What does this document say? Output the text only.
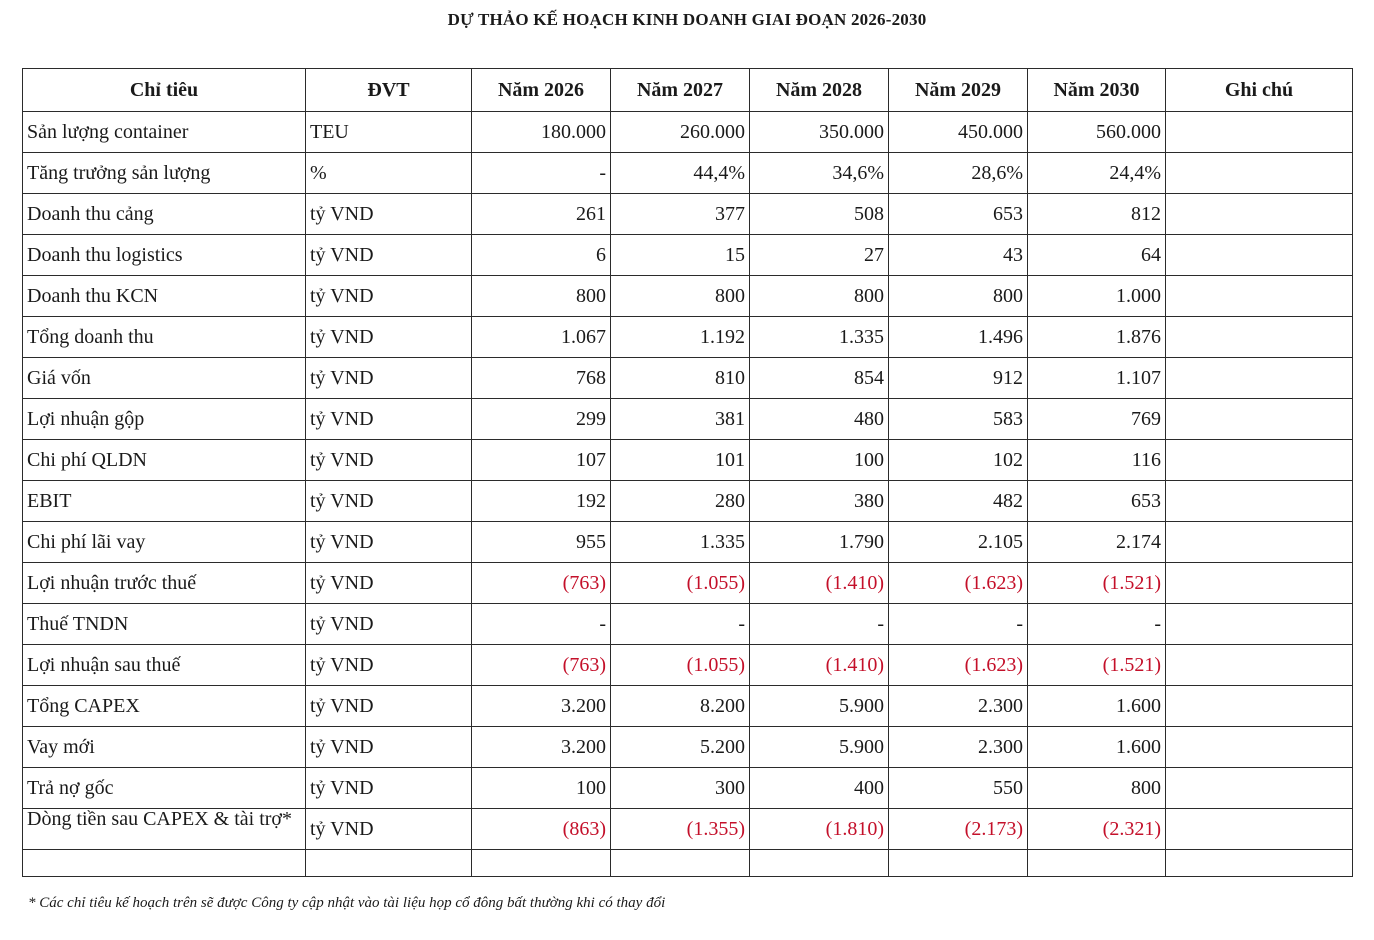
DỰ THẢO KẾ HOẠCH KINH DOANH GIAI ĐOẠN 2026-2030
Chỉ tiêu	ĐVT	Năm 2026	Năm 2027	Năm 2028	Năm 2029	Năm 2030	Ghi chú
Sản lượng container	TEU	180.000	260.000	350.000	450.000	560.000	
Tăng trưởng sản lượng	%	-	44,4%	34,6%	28,6%	24,4%	
Doanh thu cảng	tỷ VND	261	377	508	653	812	
Doanh thu logistics	tỷ VND	6	15	27	43	64	
Doanh thu KCN	tỷ VND	800	800	800	800	1.000	
Tổng doanh thu	tỷ VND	1.067	1.192	1.335	1.496	1.876	
Giá vốn	tỷ VND	768	810	854	912	1.107	
Lợi nhuận gộp	tỷ VND	299	381	480	583	769	
Chi phí QLDN	tỷ VND	107	101	100	102	116	
EBIT	tỷ VND	192	280	380	482	653	
Chi phí lãi vay	tỷ VND	955	1.335	1.790	2.105	2.174	
Lợi nhuận trước thuế	tỷ VND	(763)	(1.055)	(1.410)	(1.623)	(1.521)	
Thuế TNDN	tỷ VND	-	-	-	-	-	
Lợi nhuận sau thuế	tỷ VND	(763)	(1.055)	(1.410)	(1.623)	(1.521)	
Tổng CAPEX	tỷ VND	3.200	8.200	5.900	2.300	1.600	
Vay mới	tỷ VND	3.200	5.200	5.900	2.300	1.600	
Trả nợ gốc	tỷ VND	100	300	400	550	800	
Dòng tiền sau CAPEX & tài trợ*	tỷ VND	(863)	(1.355)	(1.810)	(2.173)	(2.321)	

* Các chỉ tiêu kế hoạch trên sẽ được Công ty cập nhật vào tài liệu họp cổ đông bất thường khi có thay đổi
